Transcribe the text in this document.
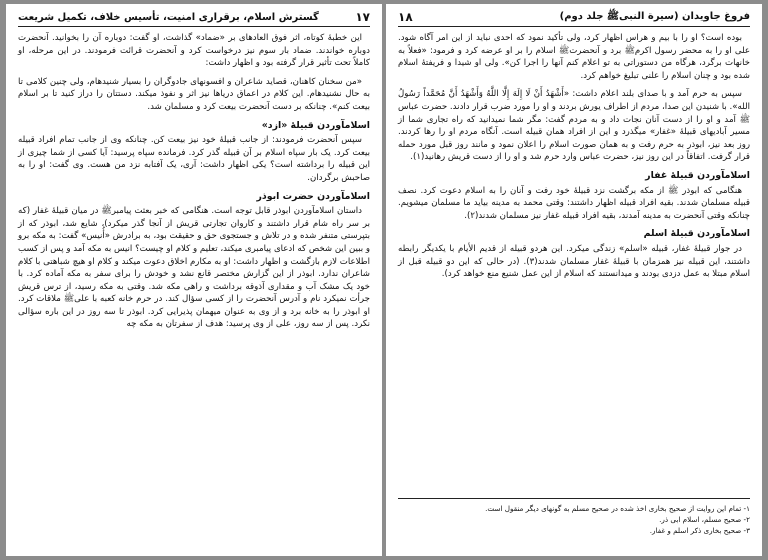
فروغ جاویدان (سیرة النبیﷺ جلد دوم)
۱۸

بوده است؟ او را با بیم و هراس اظهار کرد، ولی تأکید نمود که احدی نباید از این امر آگاه شود. علی او را به محضر رسول اکرمﷺ برد و آنحضرتﷺ اسلام را بر او عرضه کرد و فرمود: «فعلاً به خانهات برگرد، هرگاه من دستوراتی به تو اعلام کنم آنها را اجرا کن». ولی او شیدا و فریفتهٔ اسلام شده بود و چنان اسلام را علنی تبلیغ خواهم کرد.

سپس به حرم آمد و با صدای بلند اعلام داشت: «أَشْهَدُ أَنْ لَا إِلَهَ إِلَّا اللَّهُ وَأَشْهَدُ أَنَّ مُحَمَّداً رَسُولُ الله». با شنیدن این صدا، مردم از اطراف یورش بردند و او را مورد ضرب قرار دادند. حضرت عباس ﷺ آمد و او را از دست آنان نجات داد و به مردم گفت: مگر شما نمیدانید که راه تجاری شما از مسیر آبادیهای قبیلهٔ «غفار» میگذرد و این از افراد همان قبیله است. آنگاه مردم او را رها کردند. روز بعد نیز، ابوذر به حرم رفت و به همان صورت اسلام را اعلان نمود و مانند روز قبل مورد حمله قرار گرفت. اتفاقاً در این روز نیز، حضرت عباس وارد حرم شد و او را از دست قریش رهانید(۱).

اسلامآوردن قبیلهٔ غفار

هنگامی که ابوذر ﷺ از مکه برگشت نزد قبیلهٔ خود رفت و آنان را به اسلام دعوت کرد. نصف قبیله مسلمان شدند. بقیه افراد قبیله اظهار داشتند: وقتی محمد به مدینه بیاید ما مسلمان میشویم. چنانکه وقتی آنحضرت به مدینه آمدند، بقیه افراد قبیله غفار نیز مسلمان شدند(۲).

اسلامآوردن قبیلهٔ اسلم

در جوار قبیلهٔ غفار، قبیله «اسلم» زندگی میکرد. این هردو قبیله از قدیم الأیام با یکدیگر رابطه داشتند، این قبیله نیز همزمان با قبیلهٔ غفار مسلمان شدند(۳). (در حالی که این دو قبیله قبل از اسلام مبتلا به عمل دزدی بودند و میدانستند که اسلام از این عمل شنیع منع خواهد کرد).

۱- تمام این روایت از صحیح بخاری اخذ شده در صحیح مسلم به گونهای دیگر منقول است.
۲- صحیح مسلم، اسلام ابی ذر.
۳- صحیح بخاری ذکر اسلم و غفار.
۱۷
گسترش اسلام، برقراری امنیت، تأسیس خلاف، تکمیل شریعت

این خطبهٔ کوتاه، اثر فوق العادهای بر «ضماد» گذاشت، او گفت: دوباره آن را بخوانید. آنحضرت دوباره خواندند. ضماد بار سوم نیز درخواست کرد و آنحضرت قرائت فرمودند. در این مرحله، او کاملاً تحت تأثیر قرار گرفته بود و اظهار داشت:

«من سخنان کاهنان، قصاید شاعران و افسونهای جادوگران را بسیار شنیدهام، ولی چنین کلامی تا به حال نشنیدهام. این کلام در اعماق دریاها نیز اثر و نفوذ میکند. دستتان را دراز کنید تا بر اسلام بیعت کنم». چنانکه بر دست آنحضرت بیعت کرد و مسلمان شد.

اسلامآوردن قبیلهٔ «ازد»

سپس آنحضرت فرمودند: از جانب قبیلهٔ خود نیز بیعت کن. چنانکه وی از جانب تمام افراد قبیله بیعت کرد. یک بار سپاه اسلام بر آن قبیله گذر کرد. فرمانده سپاه پرسید: آیا کسی از شما چیزی از این قبیله را برداشته است؟ یکی اظهار داشت: آری، یک آفتابه نزد من هست. وی گفت: او را به صاحبش برگردان.

اسلامآوردن حضرت ابوذر

داستان اسلامآوردن ابوذر قابل توجه است. هنگامی که خبر بعثت پیامبرﷺ در میان قبیلهٔ غفار (که بر سر راه شام قرار داشتند و کاروان تجارتی قریش از آنجا گذر میکرد)، شایع شد، ابوذر که از بتپرستی متنفر شده و در تلاش و جستجوی حق و حقیقت بود، به برادرش «أُنیس» گفت: به مکه برو و ببین این شخص که ادعای پیامبری میکند، تعلیم و کلام او چیست؟ انیس به مکه آمد و پس از کسب اطلاعات لازم بازگشت و اظهار داشت: او به مکارم اخلاق دعوت میکند و کلام او هیچ شباهتی با کلام شاعران ندارد. ابوذر از این گزارش مختصر قانع نشد و خودش را برای سفر به مکه آماده کرد. با خود یک مشک آب و مقداری آذوقه برداشت و راهی مکه شد. وقتی به مکه رسید، از ترس قریش جرأت نمیکرد نام و آدرس آنحضرت را از کسی سؤال کند. در حرم خانه کعبه با علیﷺ ملاقات کرد. او ابوذر را به خانه برد و از وی به عنوان میهمان پذیرایی کرد. ابوذر تا سه روز در این باره سؤالی نکرد. پس از سه روز، علی از وی پرسید: هدف از سفرتان به مکه چه
